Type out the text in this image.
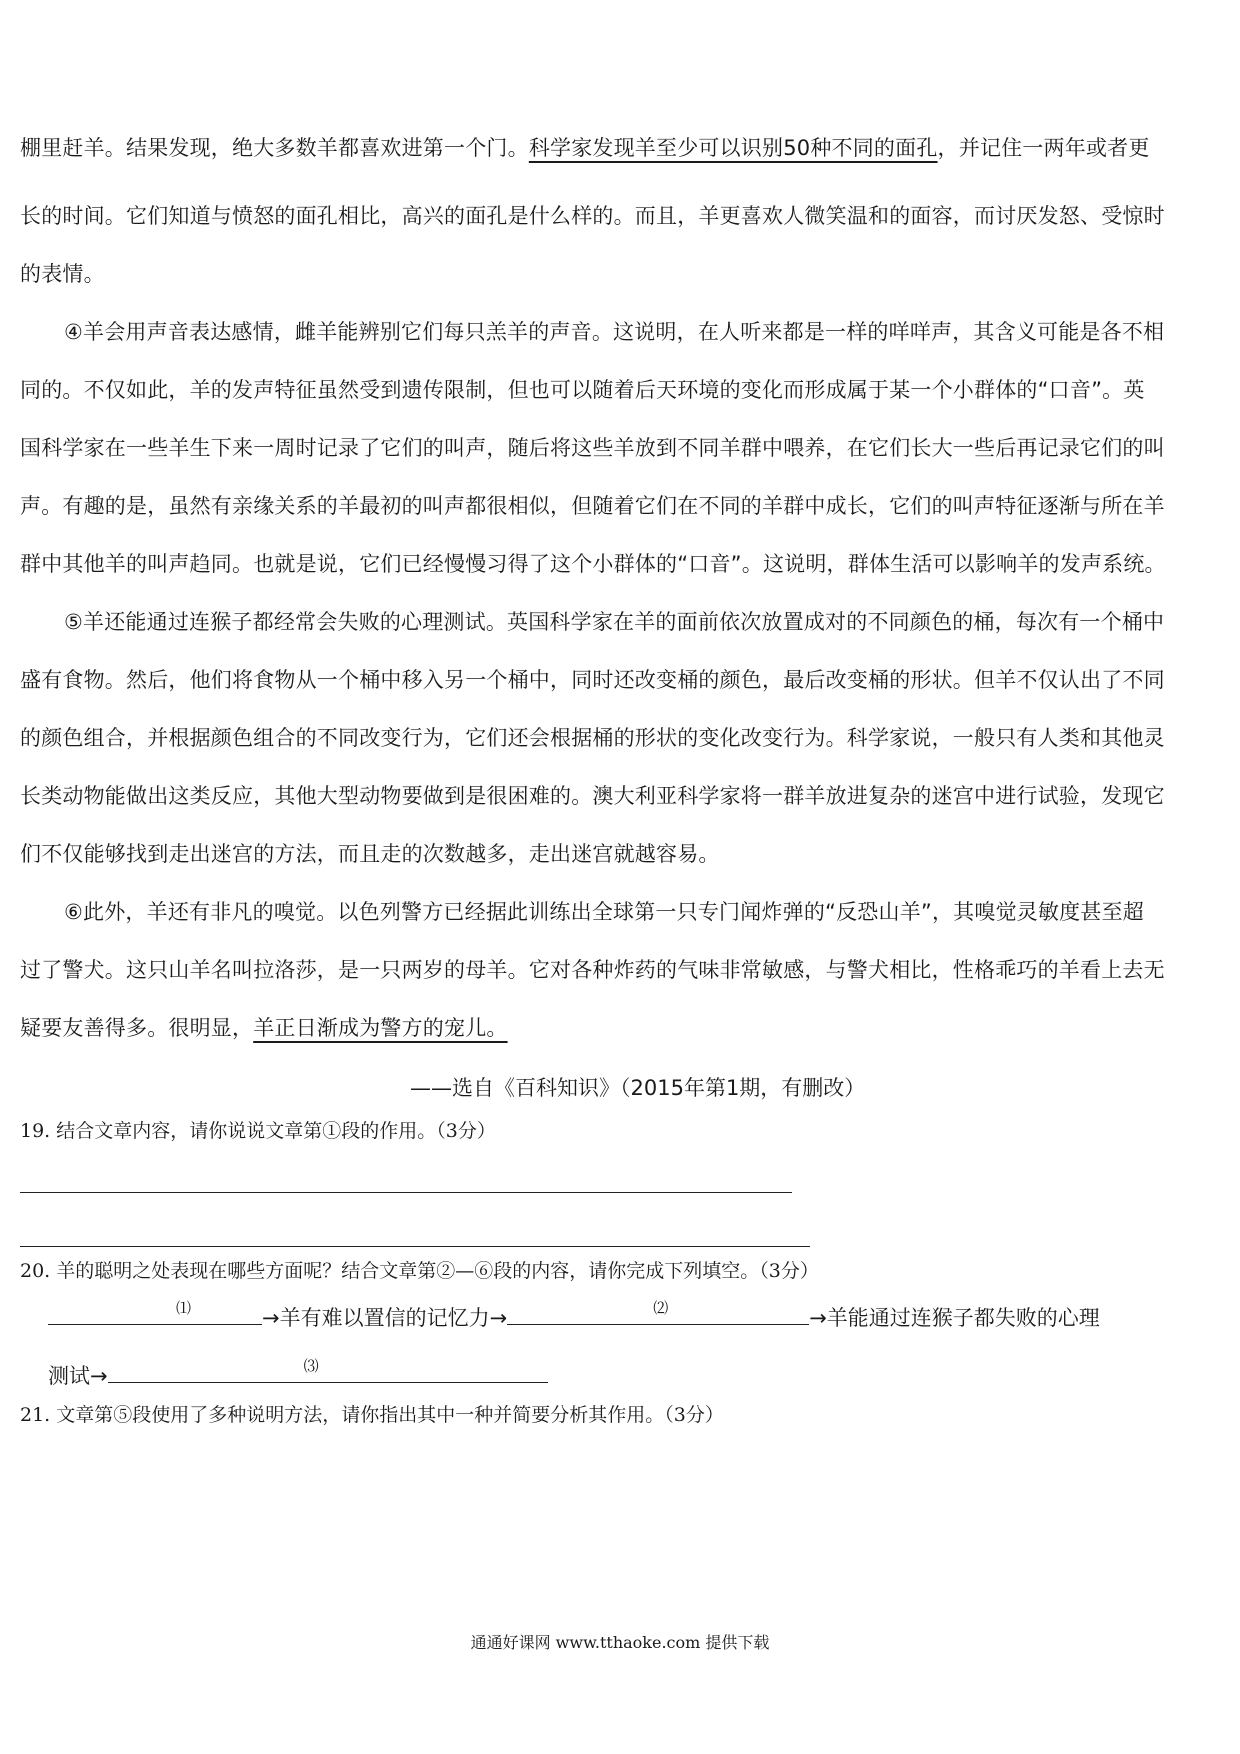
棚里赶羊。结果发现，绝大多数羊都喜欢进第一个门。科学家发现羊至少可以识别50种不同的面孔，并记住一两年或者更
长的时间。它们知道与愤怒的面孔相比，高兴的面孔是什么样的。而且，羊更喜欢人微笑温和的面容，而讨厌发怒、受惊时
的表情。
④羊会用声音表达感情，雌羊能辨别它们每只羔羊的声音。这说明，在人听来都是一样的咩咩声，其含义可能是各不相
同的。不仅如此，羊的发声特征虽然受到遗传限制，但也可以随着后天环境的变化而形成属于某一个小群体的“口音”。英
国科学家在一些羊生下来一周时记录了它们的叫声，随后将这些羊放到不同羊群中喂养，在它们长大一些后再记录它们的叫
声。有趣的是，虽然有亲缘关系的羊最初的叫声都很相似，但随着它们在不同的羊群中成长，它们的叫声特征逐渐与所在羊
群中其他羊的叫声趋同。也就是说，它们已经慢慢习得了这个小群体的“口音”。这说明，群体生活可以影响羊的发声系统。
⑤羊还能通过连猴子都经常会失败的心理测试。英国科学家在羊的面前依次放置成对的不同颜色的桶，每次有一个桶中
盛有食物。然后，他们将食物从一个桶中移入另一个桶中，同时还改变桶的颜色，最后改变桶的形状。但羊不仅认出了不同
的颜色组合，并根据颜色组合的不同改变行为，它们还会根据桶的形状的变化改变行为。科学家说，一般只有人类和其他灵
长类动物能做出这类反应，其他大型动物要做到是很困难的。澳大利亚科学家将一群羊放进复杂的迷宫中进行试验，发现它
们不仅能够找到走出迷宫的方法，而且走的次数越多，走出迷宫就越容易。
⑥此外，羊还有非凡的嗅觉。以色列警方已经据此训练出全球第一只专门闻炸弹的“反恐山羊”，其嗅觉灵敏度甚至超
过了警犬。这只山羊名叫拉洛莎，是一只两岁的母羊。它对各种炸药的气味非常敏感，与警犬相比，性格乖巧的羊看上去无
疑要友善得多。很明显，羊正日渐成为警方的宠儿。
——选自《百科知识》（2015年第1期，有删改）
19. 结合文章内容，请你说说文章第①段的作用。（3分）
20. 羊的聪明之处表现在哪些方面呢？结合文章第②—⑥段的内容，请你完成下列填空。（3分）
⑴	→羊有难以置信的记忆力→	⑵	→羊能通过连猴子都失败的心理
测试→	⑶
21. 文章第⑤段使用了多种说明方法，请你指出其中一种并简要分析其作用。（3分）
通通好课网 www.tthaoke.com 提供下载
